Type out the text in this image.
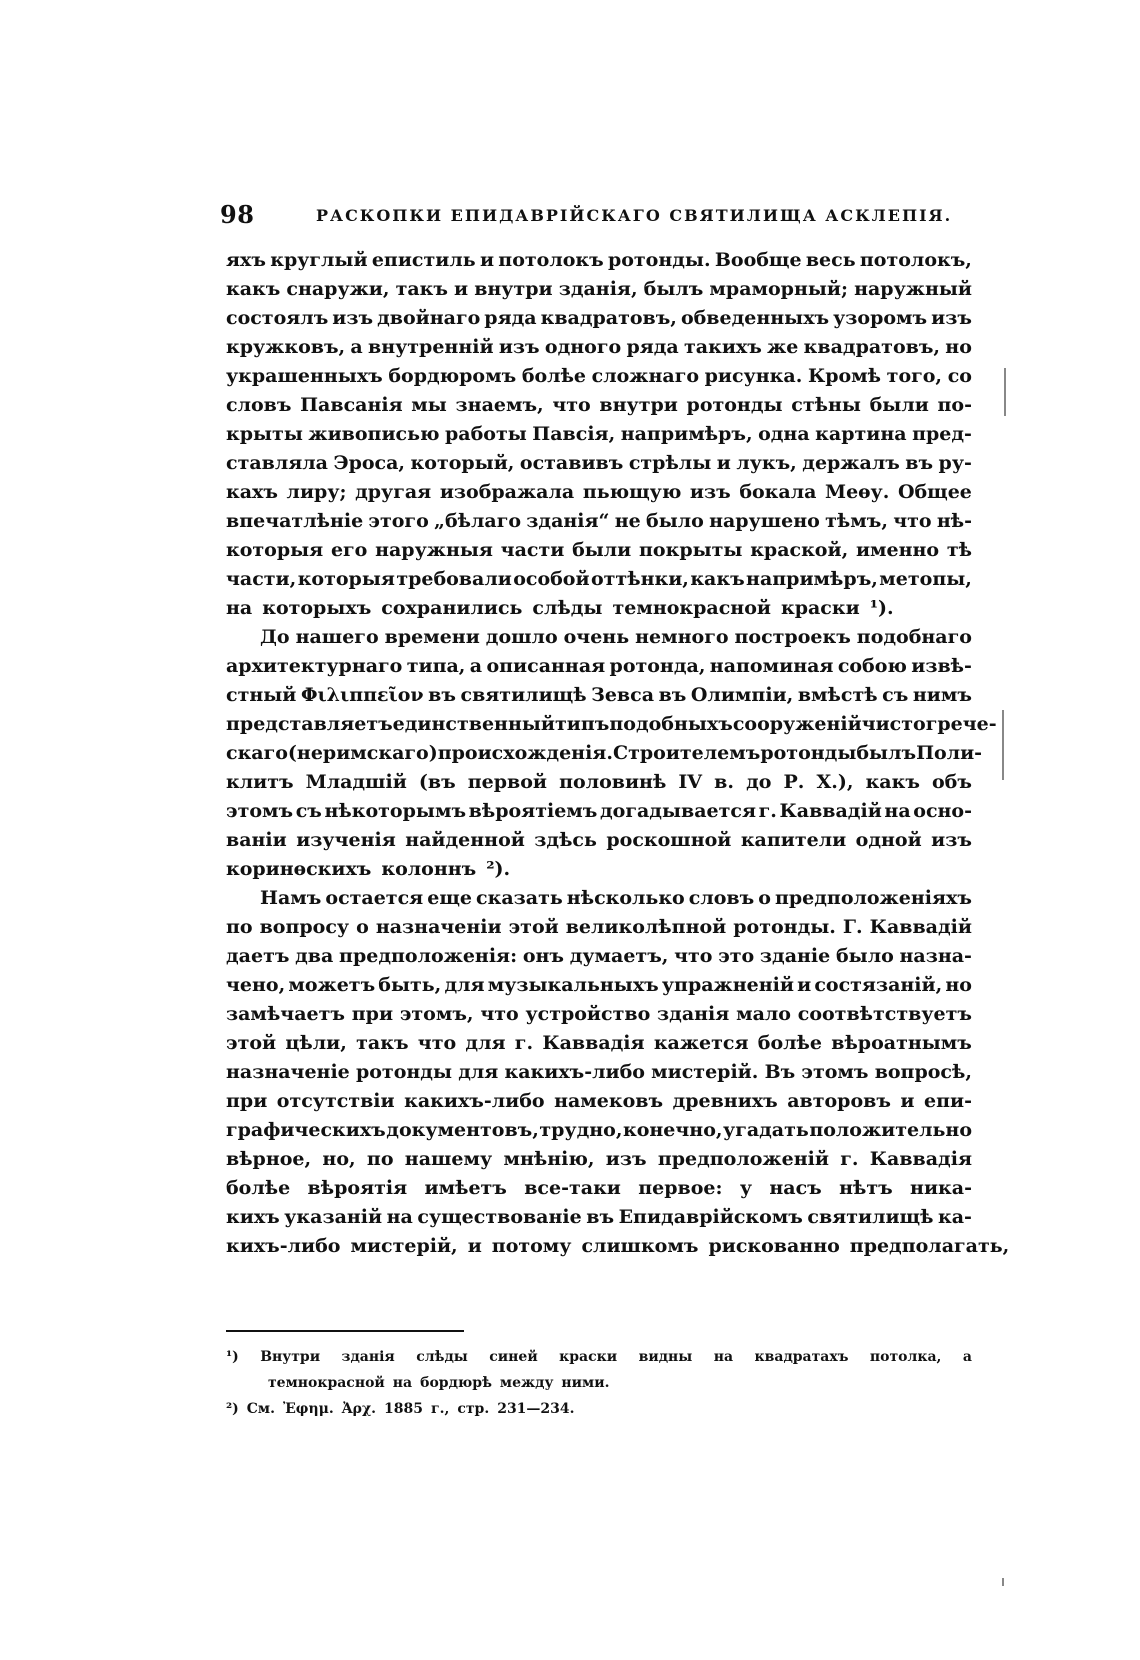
98	РАСКОПКИ ЕПИДАВРІЙСКАГО СВЯТИЛИЩА АСКЛЕПІЯ.
яхъ круглый епистиль и потолокъ ротонды. Вообще весь потолокъ,
какъ снаружи, такъ и внутри зданія, былъ мраморный; наружный
состоялъ изъ двойнаго ряда квадратовъ, обведенныхъ узоромъ изъ
кружковъ, а внутренній изъ одного ряда такихъ же квадратовъ, но
украшенныхъ бордюромъ болѣе сложнаго рисунка. Кромѣ того, со
словъ Павсанія мы знаемъ, что внутри ротонды стѣны были по-
крыты живописью работы Павсія, напримѣръ, одна картина пред-
ставляла Эроса, который, оставивъ стрѣлы и лукъ, держалъ въ ру-
кахъ лиру; другая изображала пьющую изъ бокала Меѳу. Общее
впечатлѣніе этого „бѣлаго зданія“ не было нарушено тѣмъ, что нѣ-
которыя его наружныя части были покрыты краской, именно тѣ
части, которыя требовали особой оттѣнки, какъ напримѣръ, метопы,
на которыхъ сохранились слѣды темнокрасной краски ¹).
До нашего времени дошло очень немного построекъ подобнаго
архитектурнаго типа, а описанная ротонда, напоминая собою извѣ-
стный Φιλιππεῖον въ святилищѣ Зевса въ Олимпіи, вмѣстѣ съ нимъ
представляетъ единственный типъ подобныхъ сооруженій чисто грече-
скаго (не римскаго) происхожденія. Строителемъ ротонды былъ Поли-
клитъ Младшій (въ первой половинѣ IV в. до Р. Х.), какъ объ
этомъ съ нѣкоторымъ вѣроятіемъ догадывается г. Каввадій на осно-
ваніи изученія найденной здѣсь роскошной капители одной изъ
коринѳскихъ колоннъ ²).
Намъ остается еще сказать нѣсколько словъ о предположеніяхъ
по вопросу о назначеніи этой великолѣпной ротонды. Г. Каввадій
даетъ два предположенія: онъ думаетъ, что это зданіе было назна-
чено, можетъ быть, для музыкальныхъ упражненій и состязаній, но
замѣчаетъ при этомъ, что устройство зданія мало соотвѣтствуетъ
этой цѣли, такъ что для г. Каввадія кажется болѣе вѣроатнымъ
назначеніе ротонды для какихъ-либо мистерій. Въ этомъ вопросѣ,
при отсутствіи какихъ-либо намековъ древнихъ авторовъ и епи-
графическихъ документовъ, трудно, конечно, угадать положительно
вѣрное, но, по нашему мнѣнію, изъ предположеній г. Каввадія
болѣе вѣроятія имѣетъ все-таки первое: у насъ нѣтъ ника-
кихъ указаній на существованіе въ Епидаврійскомъ святилищѣ ка-
кихъ-либо мистерій, и потому слишкомъ рискованно предполагать,
¹) Внутри зданія слѣды синей краски видны на квадратахъ потолка, а
темнокрасной на бордюрѣ между ними.
²) См. Ἐφημ. Ἀρχ. 1885 г., стр. 231—234.
